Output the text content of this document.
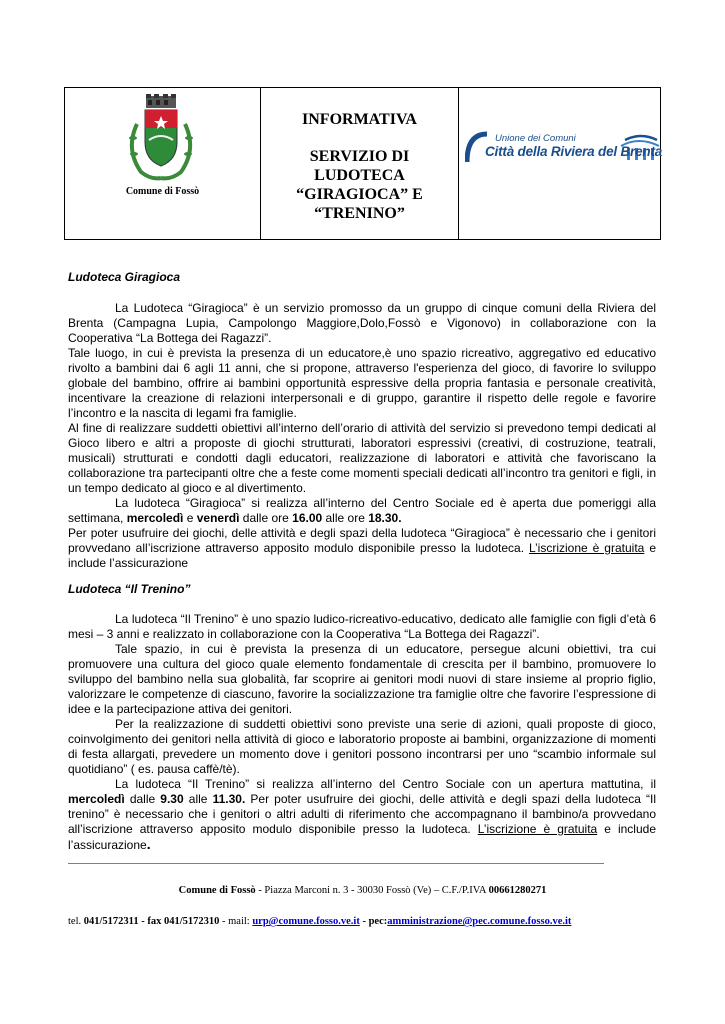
Comune di Fossò
INFORMATIVA
SERVIZIO DI
LUDOTECA
“GIRAGIOCA” E
“TRENINO”
Unione dei Comuni
Città della Riviera del Brenta
Ludoteca Giragioca

La Ludoteca “Giragioca” è un servizio promosso da un gruppo di cinque comuni della Riviera del Brenta (Campagna Lupia, Campolongo Maggiore,Dolo,Fossò e Vigonovo) in collaborazione con la Cooperativa “La Bottega dei Ragazzi”.

Tale luogo, in cui è prevista la presenza di un educatore,è uno spazio ricreativo, aggregativo ed educativo rivolto a bambini dai 6 agli 11 anni, che si propone, attraverso l'esperienza del gioco, di favorire lo sviluppo globale del bambino, offrire ai bambini opportunità espressive della propria fantasia e personale creatività, incentivare la creazione di relazioni interpersonali e di gruppo, garantire il rispetto delle regole e favorire l’incontro e la nascita di legami fra famiglie.

Al fine di realizzare suddetti obiettivi all’interno dell’orario di attività del servizio si prevedono tempi dedicati al Gioco libero e altri a proposte di giochi strutturati, laboratori espressivi (creativi, di costruzione, teatrali, musicali) strutturati e condotti dagli educatori, realizzazione di laboratori e attività che favoriscano la collaborazione tra partecipanti oltre che a feste come momenti speciali dedicati all’incontro tra genitori e figli, in un tempo dedicato al gioco e al divertimento.

La ludoteca “Giragioca” si realizza all’interno del Centro Sociale ed è aperta due pomeriggi alla settimana, mercoledì e venerdì dalle ore 16.00 alle ore 18.30.

Per poter usufruire dei giochi, delle attività e degli spazi della ludoteca “Giragioca” è necessario che i genitori provvedano all’iscrizione attraverso apposito modulo disponibile presso la ludoteca. L’iscrizione è gratuita e include l’assicurazione

Ludoteca “Il Trenino”

La ludoteca “Il Trenino” è uno spazio ludico-ricreativo-educativo, dedicato alle famiglie con figli d’età 6 mesi – 3 anni e realizzato in collaborazione con la Cooperativa “La Bottega dei Ragazzi”.

Tale spazio, in cui è prevista la presenza di un educatore, persegue alcuni obiettivi, tra cui promuovere una cultura del gioco quale elemento fondamentale di crescita per il bambino, promuovere lo sviluppo del bambino nella sua globalità, far scoprire ai genitori modi nuovi di stare insieme al proprio figlio, valorizzare le competenze di ciascuno, favorire la socializzazione tra famiglie oltre che favorire l’espressione di idee e la partecipazione attiva dei genitori.

Per la realizzazione di suddetti obiettivi sono previste una serie di azioni, quali proposte di gioco, coinvolgimento dei genitori nella attività di gioco e laboratorio proposte ai bambini, organizzazione di momenti di festa allargati, prevedere un momento dove i genitori possono incontrarsi per uno “scambio informale sul quotidiano” ( es. pausa caffè/tè).

La ludoteca “Il Trenino” si realizza all’interno del Centro Sociale con un apertura mattutina, il mercoledì dalle 9.30 alle 11.30. Per poter usufruire dei giochi, delle attività e degli spazi della ludoteca “Il trenino” è necessario che i genitori o altri adulti di riferimento che accompagnano il bambino/a provvedano all’iscrizione attraverso apposito modulo disponibile presso la ludoteca. L’iscrizione è gratuita e include l’assicurazione.

Comune di Fossò - Piazza Marconi n. 3 - 30030 Fossò (Ve) – C.F./P.IVA 00661280271
tel. 041/5172311 - fax 041/5172310 - mail: urp@comune.fosso.ve.it - pec:amministrazione@pec.comune.fosso.ve.it
